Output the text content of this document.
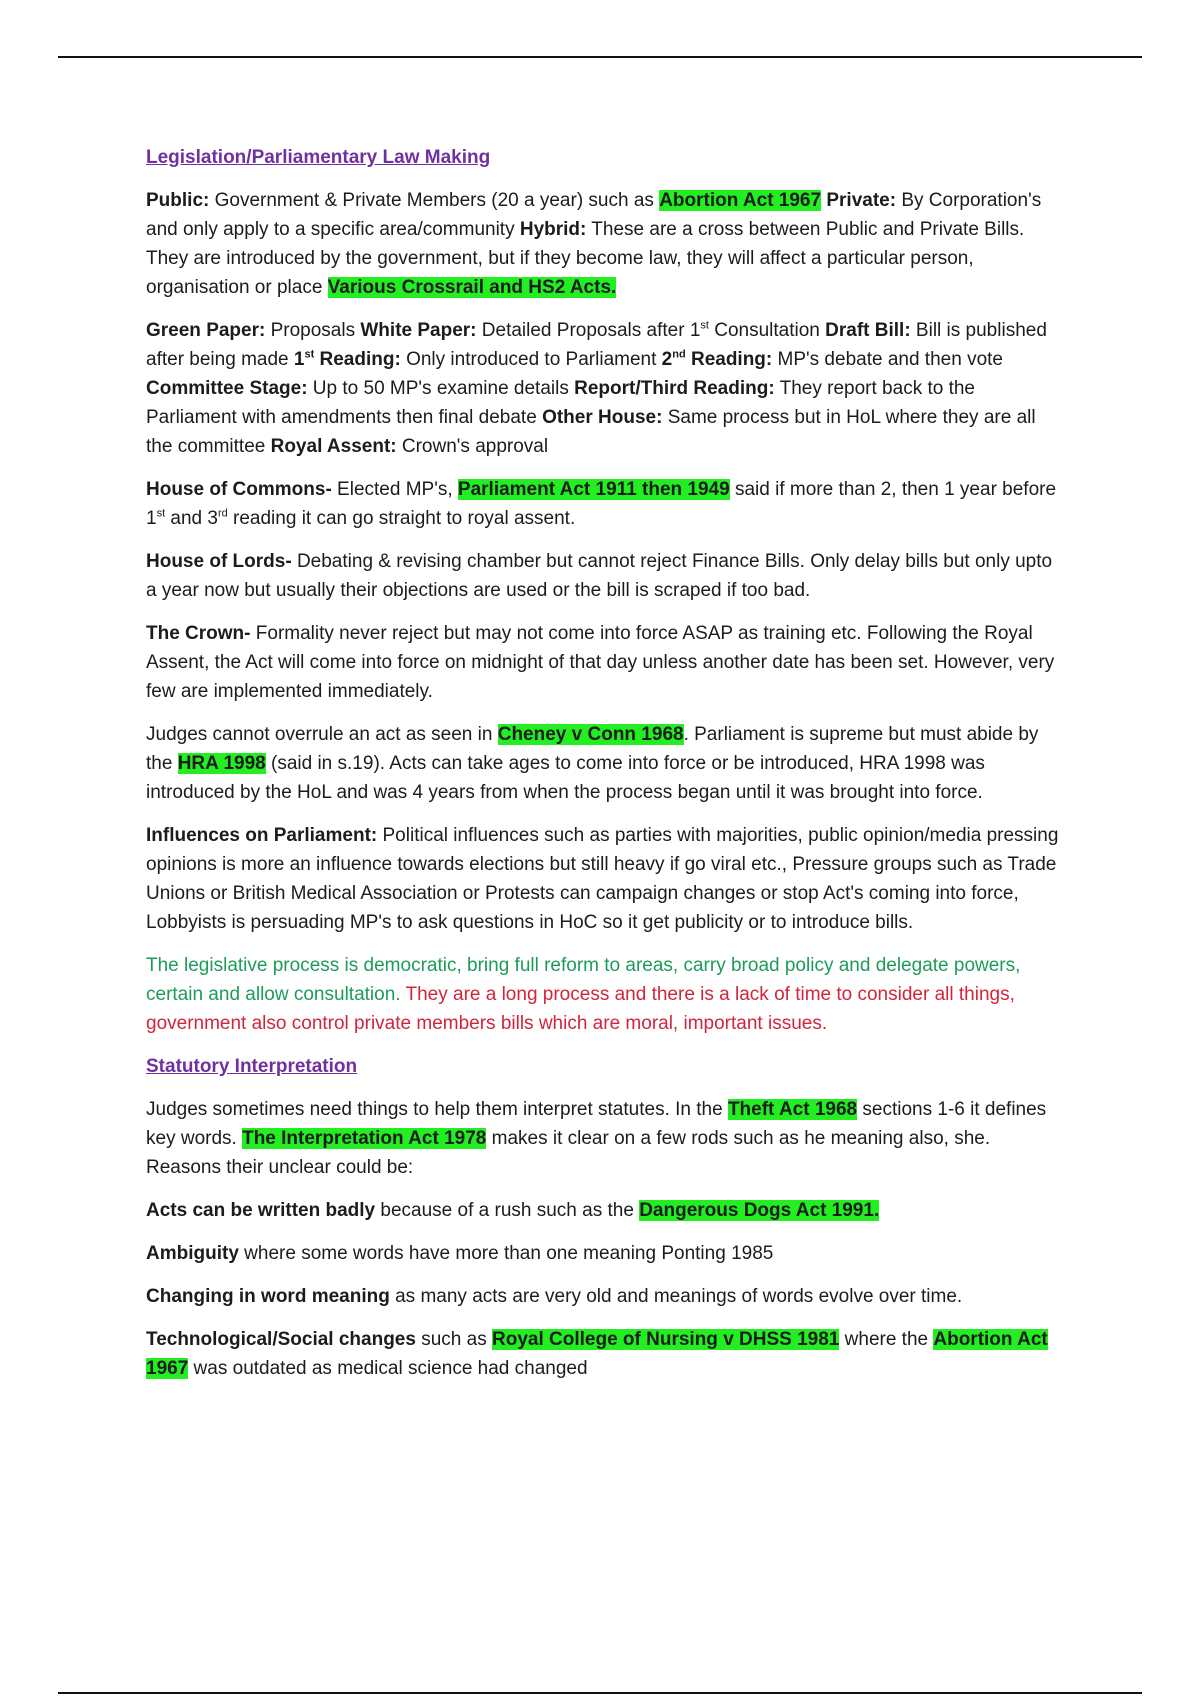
Legislation/Parliamentary Law Making

Public: Government & Private Members (20 a year) such as Abortion Act 1967 Private: By Corporation's and only apply to a specific area/community Hybrid: These are a cross between Public and Private Bills. They are introduced by the government, but if they become law, they will affect a particular person, organisation or place Various Crossrail and HS2 Acts.

Green Paper: Proposals White Paper: Detailed Proposals after 1st Consultation Draft Bill: Bill is published after being made 1st Reading: Only introduced to Parliament 2nd Reading: MP's debate and then vote Committee Stage: Up to 50 MP's examine details Report/Third Reading: They report back to the Parliament with amendments then final debate Other House: Same process but in HoL where they are all the committee Royal Assent: Crown's approval

House of Commons- Elected MP's, Parliament Act 1911 then 1949 said if more than 2, then 1 year before 1st and 3rd reading it can go straight to royal assent.

House of Lords- Debating & revising chamber but cannot reject Finance Bills. Only delay bills but only upto a year now but usually their objections are used or the bill is scraped if too bad.

The Crown- Formality never reject but may not come into force ASAP as training etc. Following the Royal Assent, the Act will come into force on midnight of that day unless another date has been set. However, very few are implemented immediately.

Judges cannot overrule an act as seen in Cheney v Conn 1968. Parliament is supreme but must abide by the HRA 1998 (said in s.19). Acts can take ages to come into force or be introduced, HRA 1998 was introduced by the HoL and was 4 years from when the process began until it was brought into force.

Influences on Parliament: Political influences such as parties with majorities, public opinion/media pressing opinions is more an influence towards elections but still heavy if go viral etc., Pressure groups such as Trade Unions or British Medical Association or Protests can campaign changes or stop Act's coming into force, Lobbyists is persuading MP's to ask questions in HoC so it get publicity or to introduce bills.

The legislative process is democratic, bring full reform to areas, carry broad policy and delegate powers, certain and allow consultation. They are a long process and there is a lack of time to consider all things, government also control private members bills which are moral, important issues.

Statutory Interpretation

Judges sometimes need things to help them interpret statutes. In the Theft Act 1968 sections 1-6 it defines key words. The Interpretation Act 1978 makes it clear on a few rods such as he meaning also, she. Reasons their unclear could be:

Acts can be written badly because of a rush such as the Dangerous Dogs Act 1991.

Ambiguity where some words have more than one meaning Ponting 1985

Changing in word meaning as many acts are very old and meanings of words evolve over time.

Technological/Social changes such as Royal College of Nursing v DHSS 1981 where the Abortion Act 1967 was outdated as medical science had changed
